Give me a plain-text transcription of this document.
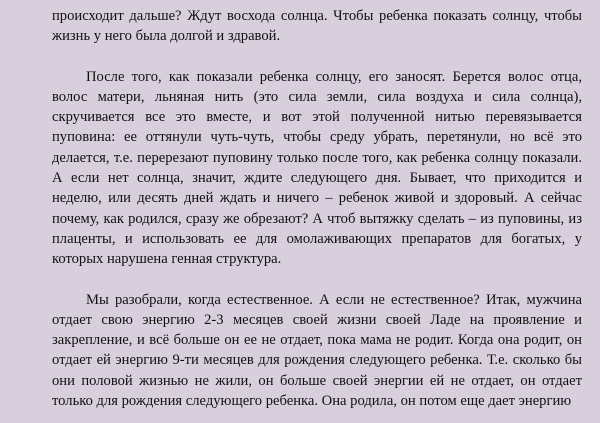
происходит дальше? Ждут восхода солнца. Чтобы ребенка показать солнцу, чтобы жизнь у него была долгой и здравой.

После того, как показали ребенка солнцу, его заносят. Берется волос отца, волос матери, льняная нить (это сила земли, сила воздуха и сила солнца), скручивается все это вместе, и вот этой полученной нитью перевязывается пуповина: ее оттянули чуть-чуть, чтобы среду убрать, перетянули, но всё это делается, т.е. перерезают пуповину только после того, как ребенка солнцу показали. А если нет солнца, значит, ждите следующего дня. Бывает, что приходится и неделю, или десять дней ждать и ничего – ребенок живой и здоровый. А сейчас почему, как родился, сразу же обрезают? А чтоб вытяжку сделать – из пуповины, из плаценты, и использовать ее для омолаживающих препаратов для богатых, у которых нарушена генная структура.

Мы разобрали, когда естественное. А если не естественное? Итак, мужчина отдает свою энергию 2-3 месяцев своей жизни своей Ладе на проявление и закрепление, и всё больше он ее не отдает, пока мама не родит. Когда она родит, он отдает ей энергию 9-ти месяцев для рождения следующего ребенка. Т.е. сколько бы они половой жизнью не жили, он больше своей энергии ей не отдает, он отдает только для рождения следующего ребенка. Она родила, он потом еще дает энергию
